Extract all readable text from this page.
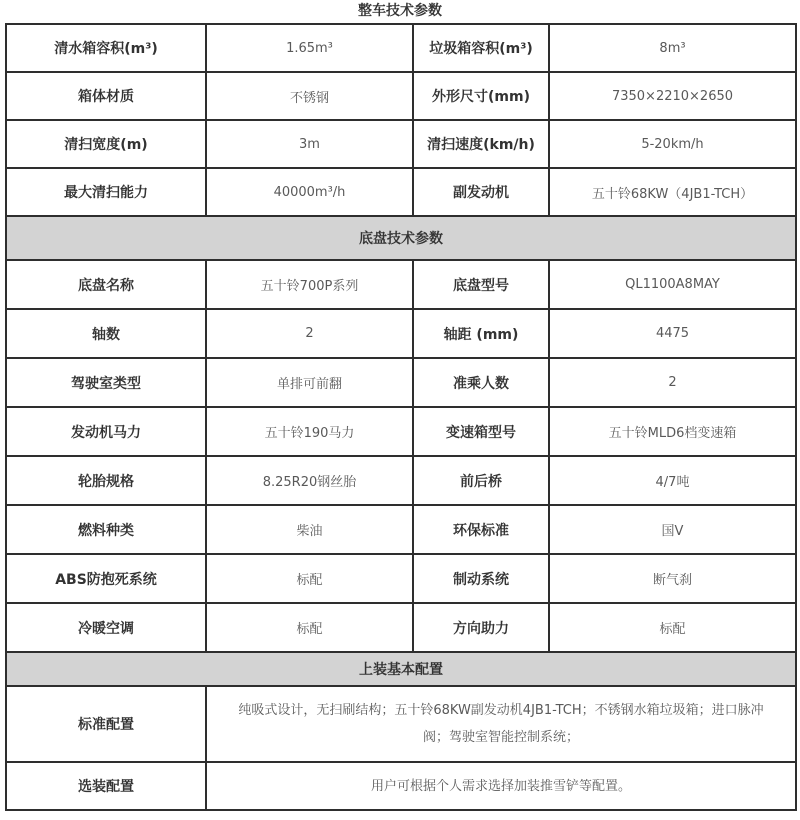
整车技术参数
清水箱容积(m³)	1.65m³	垃圾箱容积(m³)	8m³
箱体材质	不锈钢	外形尺寸(mm)	7350×2210×2650
清扫宽度(m)	3m	清扫速度(km/h)	5-20km/h
最大清扫能力	40000m³/h	副发动机	五十铃68KW（4JB1-TCH）
底盘技术参数			
底盘名称	五十铃700P系列	底盘型号	QL1100A8MAY
轴数	2	轴距 (mm)	4475
驾驶室类型	单排可前翻	准乘人数	2
发动机马力	五十铃190马力	变速箱型号	五十铃MLD6档变速箱
轮胎规格	8.25R20钢丝胎	前后桥	4/7吨
燃料种类	柴油	环保标准	国V
ABS防抱死系统	标配	制动系统	断气刹
冷暖空调	标配	方向助力	标配
上装基本配置			
标准配置	纯吸式设计，无扫刷结构；五十铃68KW副发动机4JB1-TCH；不锈钢水箱垃圾箱；进口脉冲阀；驾驶室智能控制系统；		
选装配置	用户可根据个人需求选择加装推雪铲等配置。		
